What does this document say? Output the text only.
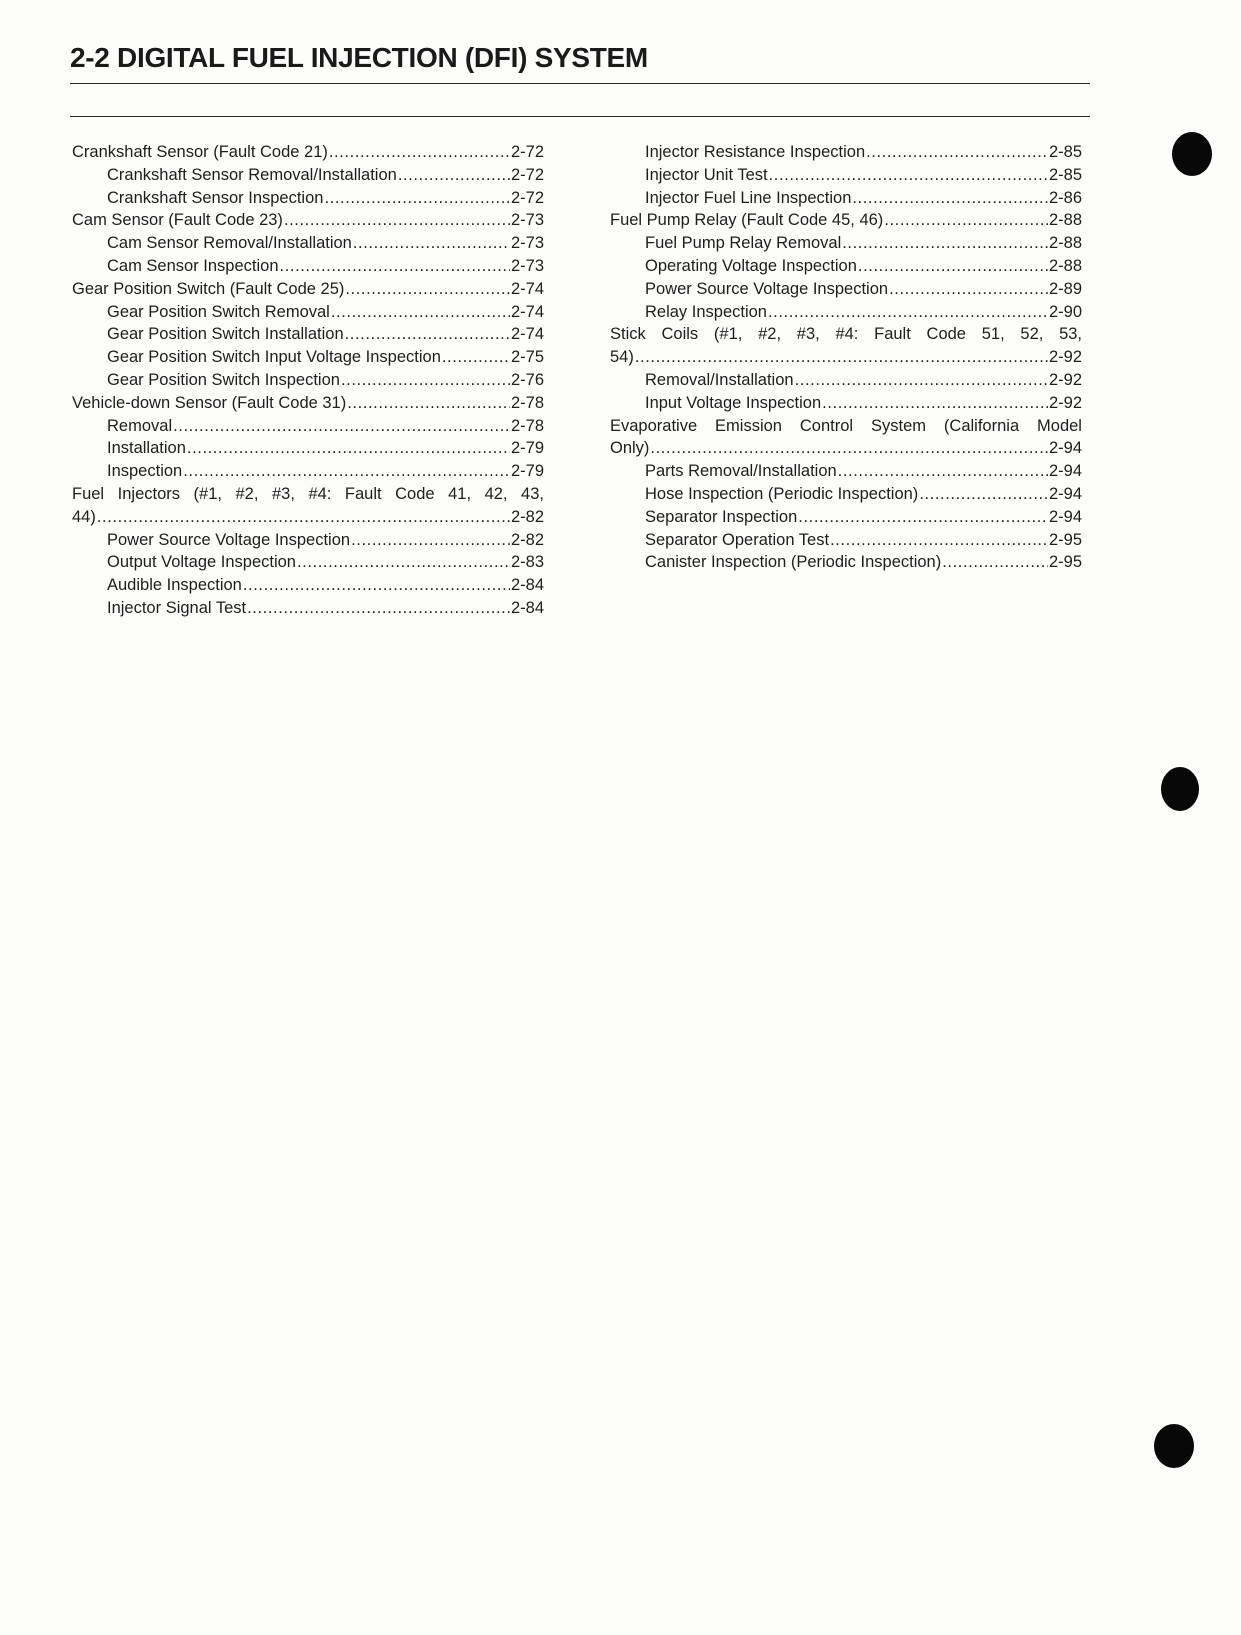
2-2 DIGITAL FUEL INJECTION (DFI) SYSTEM
Crankshaft Sensor (Fault Code 21) .....	2-72
Crankshaft Sensor Removal/Installation .....	2-72
Crankshaft Sensor Inspection .....	2-72
Cam Sensor (Fault Code 23) .....	2-73
Cam Sensor Removal/Installation .....	2-73
Cam Sensor Inspection .....	2-73
Gear Position Switch (Fault Code 25) .....	2-74
Gear Position Switch Removal .....	2-74
Gear Position Switch Installation .....	2-74
Gear Position Switch Input Voltage Inspection .....	2-75
Gear Position Switch Inspection .....	2-76
Vehicle-down Sensor (Fault Code 31) .....	2-78
Removal .....	2-78
Installation .....	2-79
Inspection .....	2-79
Fuel Injectors (#1, #2, #3, #4: Fault Code 41, 42, 43,
44) .....	2-82
Power Source Voltage Inspection .....	2-82
Output Voltage Inspection .....	2-83
Audible Inspection .....	2-84
Injector Signal Test .....	2-84
Injector Resistance Inspection .....	2-85
Injector Unit Test .....	2-85
Injector Fuel Line Inspection .....	2-86
Fuel Pump Relay (Fault Code 45, 46) .....	2-88
Fuel Pump Relay Removal .....	2-88
Operating Voltage Inspection .....	2-88
Power Source Voltage Inspection .....	2-89
Relay Inspection .....	2-90
Stick Coils (#1, #2, #3, #4: Fault Code 51, 52, 53,
54) .....	2-92
Removal/Installation .....	2-92
Input Voltage Inspection .....	2-92
Evaporative Emission Control System (California Model
Only) .....	2-94
Parts Removal/Installation .....	2-94
Hose Inspection (Periodic Inspection) .....	2-94
Separator Inspection .....	2-94
Separator Operation Test .....	2-95
Canister Inspection (Periodic Inspection) .....	2-95
